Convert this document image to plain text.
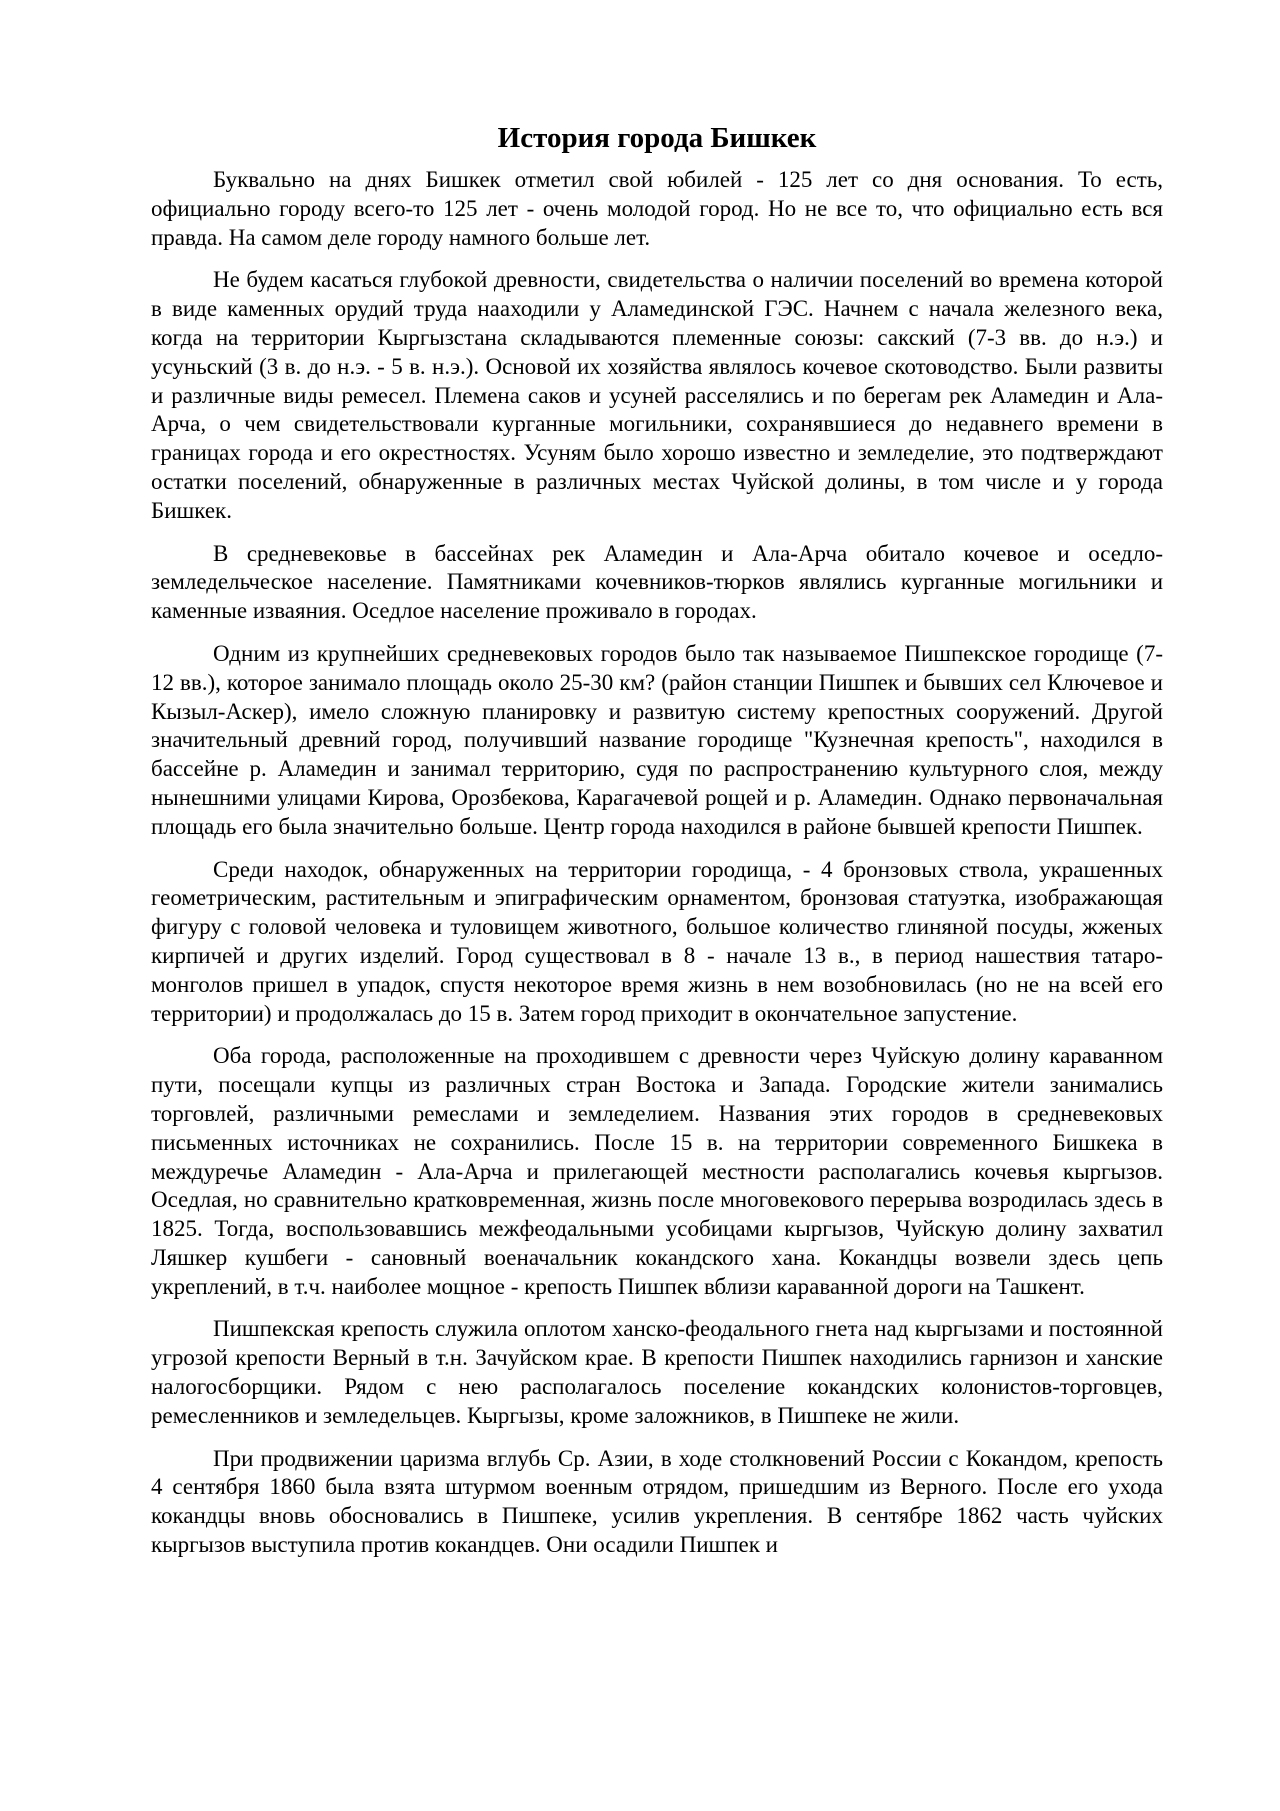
История города Бишкек

Буквально на днях Бишкек отметил свой юбилей - 125 лет со дня основания. То есть, официально городу всего-то 125 лет - очень молодой город. Но не все то, что официально есть вся правда. На самом деле городу намного больше лет.

Не будем касаться глубокой древности, свидетельства о наличии поселений во времена которой в виде каменных орудий труда нааходили у Аламединской ГЭС. Начнем с начала железного века, когда на территории Кыргызстана складываются племенные союзы: сакский (7-3 вв. до н.э.) и усуньский (3 в. до н.э. - 5 в. н.э.). Основой их хозяйства являлось кочевое скотоводство. Были развиты и различные виды ремесел. Племена саков и усуней расселялись и по берегам рек Аламедин и Ала-Арча, о чем свидетельствовали курганные могильники, сохранявшиеся до недавнего времени в границах города и его окрестностях. Усуням было хорошо известно и земледелие, это подтверждают остатки поселений, обнаруженные в различных местах Чуйской долины, в том числе и у города Бишкек.

В средневековье в бассейнах рек Аламедин и Ала-Арча обитало кочевое и оседло-земледельческое население. Памятниками кочевников-тюрков являлись курганные могильники и каменные изваяния. Оседлое население проживало в городах.

Одним из крупнейших средневековых городов было так называемое Пишпекское городище (7-12 вв.), которое занимало площадь около 25-30 км? (район станции Пишпек и бывших сел Ключевое и Кызыл-Аскер), имело сложную планировку и развитую систему крепостных сооружений. Другой значительный древний город, получивший название городище "Кузнечная крепость", находился в бассейне р. Аламедин и занимал территорию, судя по распространению культурного слоя, между нынешними улицами Кирова, Орозбекова, Карагачевой рощей и р. Аламедин. Однако первоначальная площадь его была значительно больше. Центр города находился в районе бывшей крепости Пишпек.

Среди находок, обнаруженных на территории городища, - 4 бронзовых ствола, украшенных геометрическим, растительным и эпиграфическим орнаментом, бронзовая статуэтка, изображающая фигуру с головой человека и туловищем животного, большое количество глиняной посуды, жженых кирпичей и других изделий. Город существовал в 8 - начале 13 в., в период нашествия татаро-монголов пришел в упадок, спустя некоторое время жизнь в нем возобновилась (но не на всей его территории) и продолжалась до 15 в. Затем город приходит в окончательное запустение.

Оба города, расположенные на проходившем с древности через Чуйскую долину караванном пути, посещали купцы из различных стран Востока и Запада. Городские жители занимались торговлей, различными ремеслами и земледелием. Названия этих городов в средневековых письменных источниках не сохранились. После 15 в. на территории современного Бишкека в междуречье Аламедин - Ала-Арча и прилегающей местности располагались кочевья кыргызов. Оседлая, но сравнительно кратковременная, жизнь после многовекового перерыва возродилась здесь в 1825. Тогда, воспользовавшись межфеодальными усобицами кыргызов, Чуйскую долину захватил Ляшкер кушбеги - сановный военачальник кокандского хана. Кокандцы возвели здесь цепь укреплений, в т.ч. наиболее мощное - крепость Пишпек вблизи караванной дороги на Ташкент.

Пишпекская крепость служила оплотом ханско-феодального гнета над кыргызами и постоянной угрозой крепости Верный в т.н. Зачуйском крае. В крепости Пишпек находились гарнизон и ханские налогосборщики. Рядом с нею располагалось поселение кокандских колонистов-торговцев, ремесленников и земледельцев. Кыргызы, кроме заложников, в Пишпеке не жили.

При продвижении царизма вглубь Ср. Азии, в ходе столкновений России с Кокандом, крепость 4 сентября 1860 была взята штурмом военным отрядом, пришедшим из Верного. После его ухода кокандцы вновь обосновались в Пишпеке, усилив укрепления. В сентябре 1862 часть чуйских кыргызов выступила против кокандцев. Они осадили Пишпек и
